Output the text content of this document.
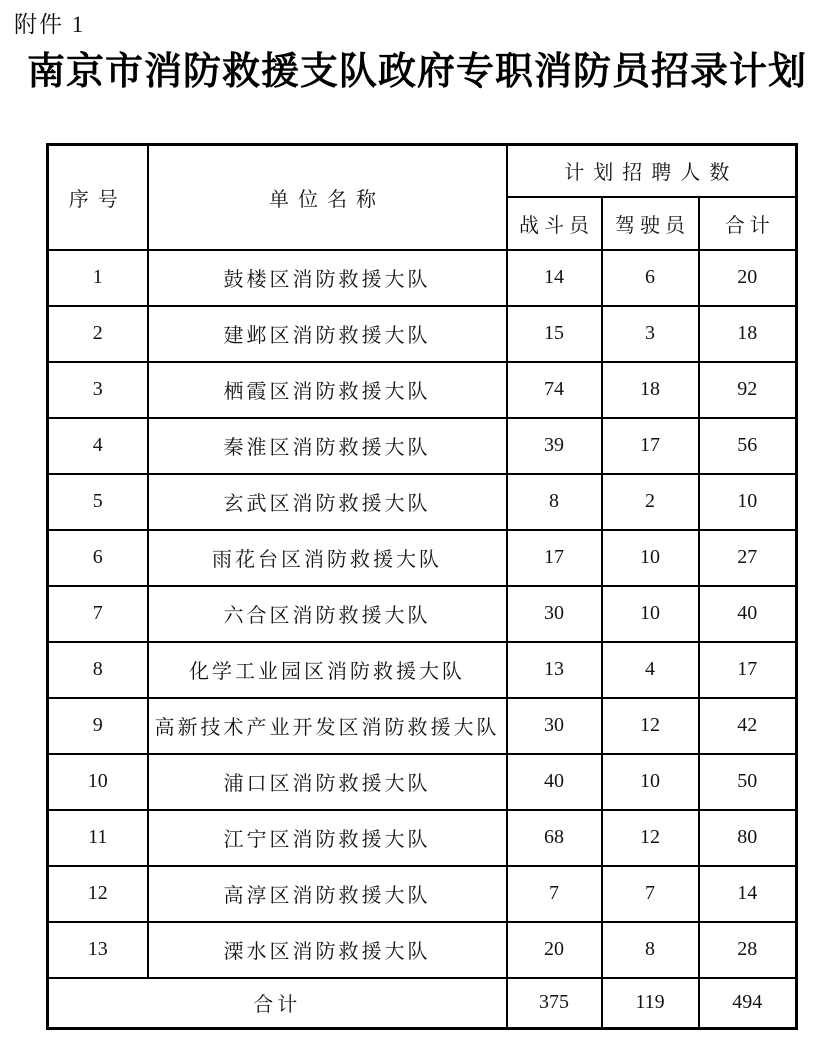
附件 1
南京市消防救援支队政府专职消防员招录计划
序号	单位名称	计划招聘人数		
		战斗员	驾驶员	合计
1	鼓楼区消防救援大队	14	6	20
2	建邺区消防救援大队	15	3	18
3	栖霞区消防救援大队	74	18	92
4	秦淮区消防救援大队	39	17	56
5	玄武区消防救援大队	8	2	10
6	雨花台区消防救援大队	17	10	27
7	六合区消防救援大队	30	10	40
8	化学工业园区消防救援大队	13	4	17
9	高新技术产业开发区消防救援大队	30	12	42
10	浦口区消防救援大队	40	10	50
11	江宁区消防救援大队	68	12	80
12	高淳区消防救援大队	7	7	14
13	溧水区消防救援大队	20	8	28
合计		375	119	494
